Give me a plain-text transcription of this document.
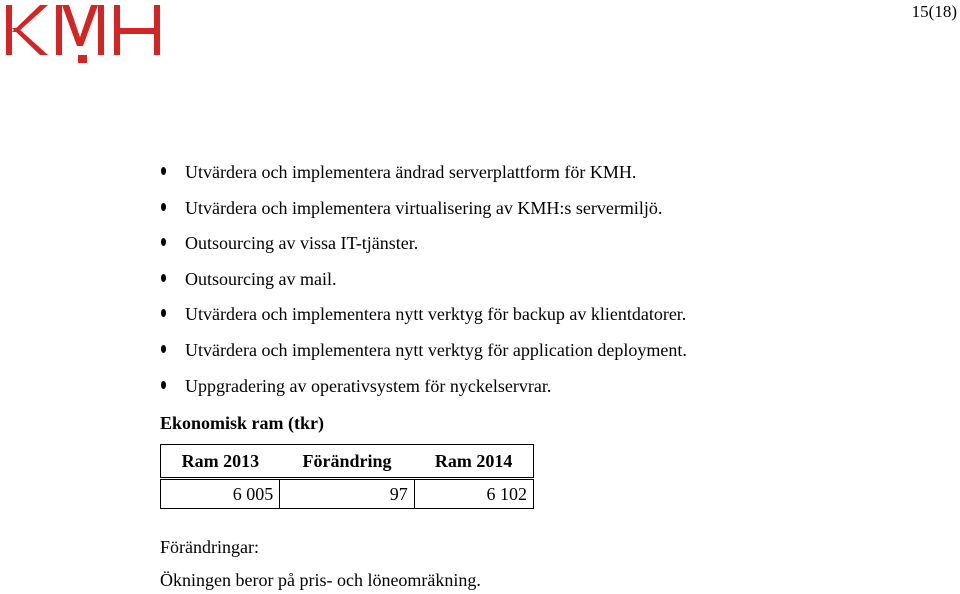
15(18)
Utvärdera och implementera ändrad serverplattform för KMH.
Utvärdera och implementera virtualisering av KMH:s servermiljö.
Outsourcing av vissa IT-tjänster.
Outsourcing av mail.
Utvärdera och implementera nytt verktyg för backup av klientdatorer.
Utvärdera och implementera nytt verktyg för application deployment.
Uppgradering av operativsystem för nyckelservrar.
Ekonomisk ram (tkr)
Ram 2013	Förändring	Ram 2014
6 005	97	6 102
Förändringar:
Ökningen beror på pris- och löneomräkning.
